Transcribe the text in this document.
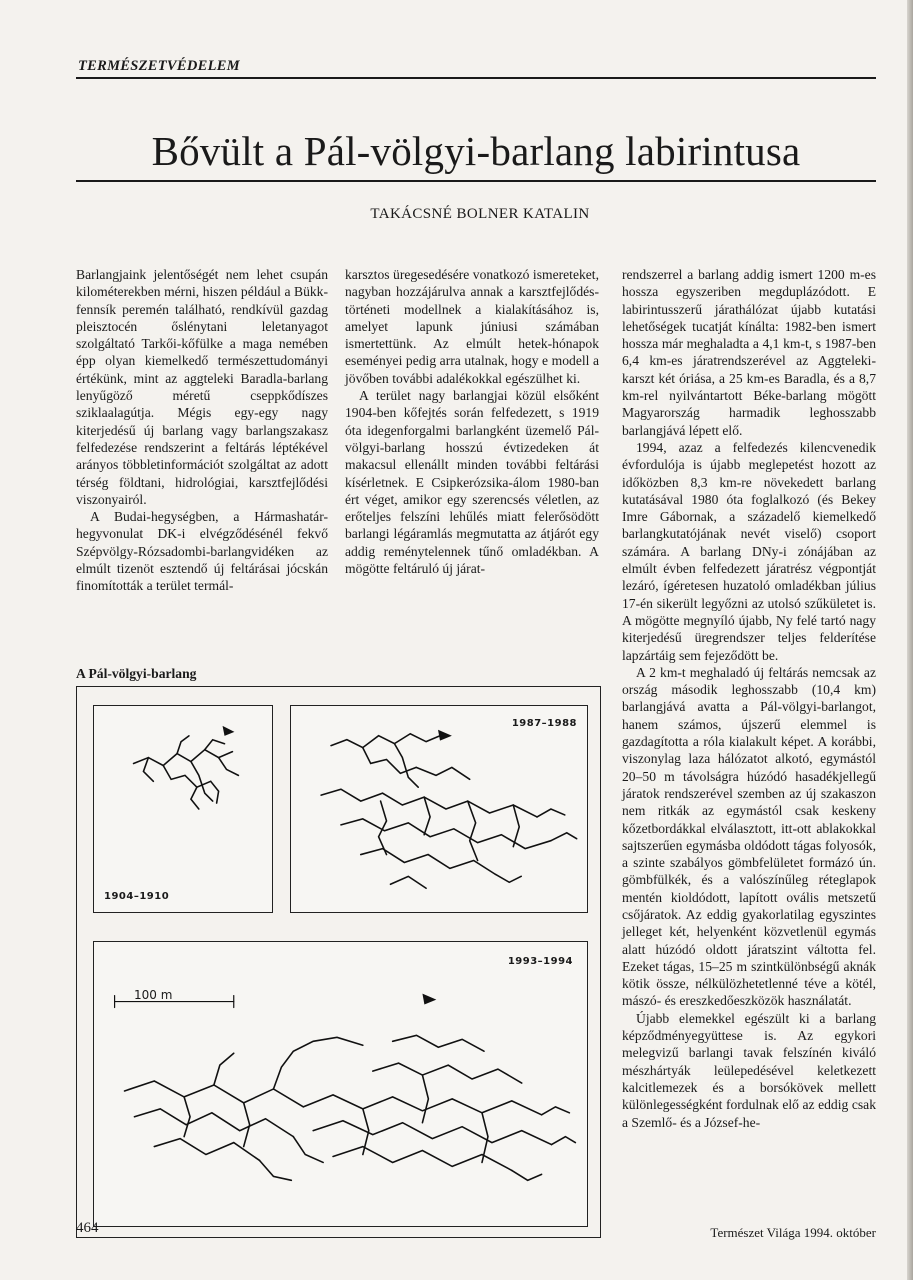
TERMÉSZETVÉDELEM
Bővült a Pál-völgyi-barlang labirintusa
TAKÁCSNÉ BOLNER KATALIN

Barlangjaink jelentőségét nem lehet csupán kilométerekben mérni, hiszen például a Bükk-fennsík peremén található, rendkívül gazdag pleisztocén őslénytani leletanyagot szolgáltató Tarkői-kőfülke a maga nemében épp olyan kiemelkedő természettudományi értékünk, mint az aggteleki Baradla-barlang lenyűgöző méretű cseppkődíszes sziklaalagútja. Mégis egy-egy nagy kiterjedésű új barlang vagy barlangszakasz felfedezése rendszerint a feltárás léptékével arányos többletinformációt szolgáltat az adott térség földtani, hidrológiai, karsztfejlődési viszonyairól.

A Budai-hegységben, a Hármashatár-hegyvonulat DK-i elvégződésénél fekvő Szépvölgy-Rózsadombi-barlangvidéken az elmúlt tizenöt esztendő új feltárásai jócskán finomították a terület termál-

karsztos üregesedésére vonatkozó ismereteket, nagyban hozzájárulva annak a karsztfejlődés-történeti modellnek a kialakításához is, amelyet lapunk júniusi számában ismertettünk. Az elmúlt hetek-hónapok eseményei pedig arra utalnak, hogy e modell a jövőben további adalékokkal egészülhet ki.

A terület nagy barlangjai közül elsőként 1904-ben kőfejtés során felfedezett, s 1919 óta idegenforgalmi barlangként üzemelő Pál-völgyi-barlang hosszú évtizedeken át makacsul ellenállt minden további feltárási kísérletnek. E Csipkerózsika-álom 1980-ban ért véget, amikor egy szerencsés véletlen, az erőteljes felszíni lehűlés miatt felerősödött barlangi légáramlás megmutatta az átjárót egy addig reménytelennek tűnő omladékban. A mögötte feltáruló új járat-

rendszerrel a barlang addig ismert 1200 m-es hossza egyszeriben megduplázódott. E labirintusszerű járathálózat újabb kutatási lehetőségek tucatját kínálta: 1982-ben ismert hossza már meghaladta a 4,1 km-t, s 1987-ben 6,4 km-es járatrendszerével az Aggteleki-karszt két óriása, a 25 km-es Baradla, és a 8,7 km-rel nyilvántartott Béke-barlang mögött Magyarország harmadik leghosszabb barlangjává lépett elő.

1994, azaz a felfedezés kilencvenedik évfordulója is újabb meglepetést hozott az időközben 8,3 km-re növekedett barlang kutatásával 1980 óta foglalkozó (és Bekey Imre Gábornak, a századelő kiemelkedő barlangkutatójának nevét viselő) csoport számára. A barlang DNy-i zónájában az elmúlt évben felfedezett járatrész végpontját lezáró, ígéretesen huzatoló omladékban július 17-én sikerült legyőzni az utolsó szűkületet is. A mögötte megnyíló újabb, Ny felé tartó nagy kiterjedésű üregrendszer teljes felderítése lapzártáig sem fejeződött be.

A 2 km-t meghaladó új feltárás nemcsak az ország második leghosszabb (10,4 km) barlangjává avatta a Pál-völgyi-barlangot, hanem számos, újszerű elemmel is gazdagította a róla kialakult képet. A korábbi, viszonylag laza hálózatot alkotó, egymástól 20–50 m távolságra húzódó hasadékjellegű járatok rendszerével szemben az új szakaszon nem ritkák az egymástól csak keskeny kőzetbordákkal elválasztott, itt-ott ablakokkal sajtszerűen egymásba oldódott tágas folyosók, a szinte szabályos gömbfelületet formázó ún. gömbfülkék, és a valószínűleg réteglapok mentén kioldódott, lapított ovális metszetű csőjáratok. Az eddig gyakorlatilag egyszintes jelleget két, helyenként közvetlenül egymás alatt húzódó oldott járatszint váltotta fel. Ezeket tágas, 15–25 m szintkülönbségű aknák kötik össze, nélkülözhetetlenné téve a kötél, mászó- és ereszkedőeszközök használatát.

Újabb elemekkel egészült ki a barlang képződményegyüttese is. Az egykori melegvizű barlangi tavak felszínén kiváló mészhártyák leülepedésével keletkezett kalcitlemezek és a borsókövek mellett különlegességként fordulnak elő az eddig csak a Szemlő- és a József-he-

A Pál-völgyi-barlang
1904–1910
1987–1988
100 m
1993–1994
464	Természet Világa 1994. október
